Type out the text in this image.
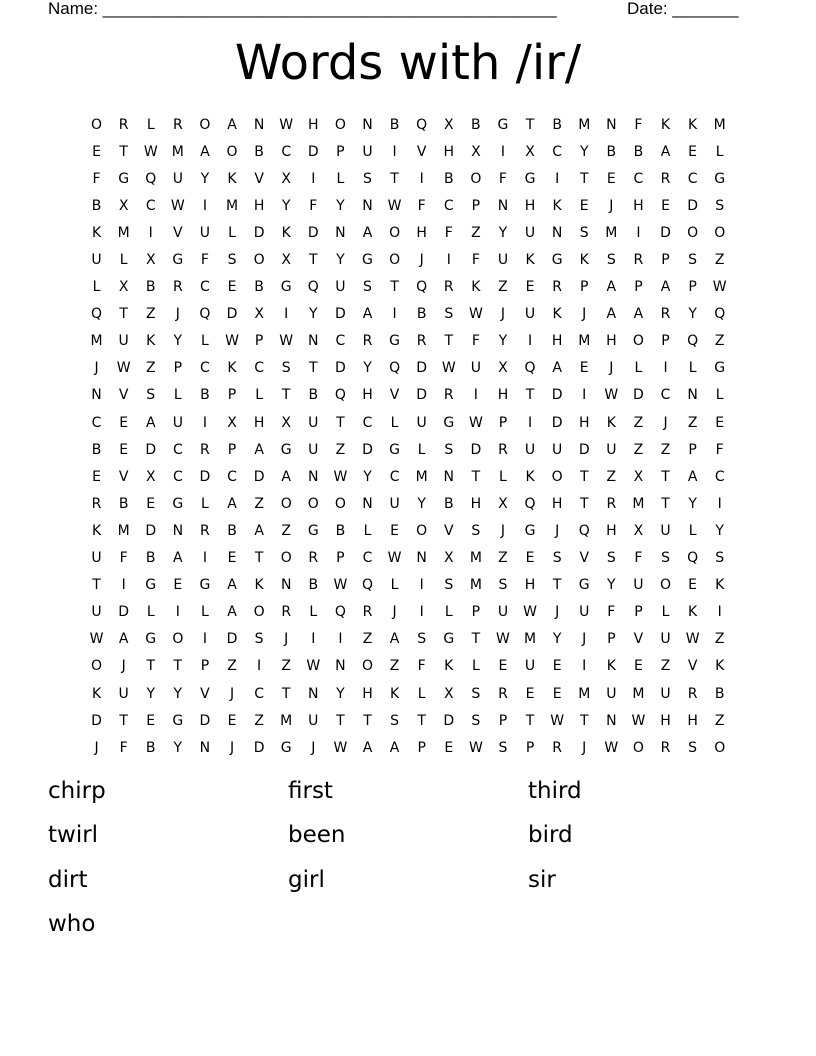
Name: ________________________________________________	Date: _______
Words with /ir/
O	R	L	R	O	A	N	W	H	O	N	B	Q	X	B	G	T	B	M	N	F	K	K	M
E	T	W	M	A	O	B	C	D	P	U	I	V	H	X	I	X	C	Y	B	B	A	E	L
F	G	Q	U	Y	K	V	X	I	L	S	T	I	B	O	F	G	I	T	E	C	R	C	G
B	X	C	W	I	M	H	Y	F	Y	N	W	F	C	P	N	H	K	E	J	H	E	D	S
K	M	I	V	U	L	D	K	D	N	A	O	H	F	Z	Y	U	N	S	M	I	D	O	O
U	L	X	G	F	S	O	X	T	Y	G	O	J	I	F	U	K	G	K	S	R	P	S	Z
L	X	B	R	C	E	B	G	Q	U	S	T	Q	R	K	Z	E	R	P	A	P	A	P	W
Q	T	Z	J	Q	D	X	I	Y	D	A	I	B	S	W	J	U	K	J	A	A	R	Y	Q
M	U	K	Y	L	W	P	W	N	C	R	G	R	T	F	Y	I	H	M	H	O	P	Q	Z
J	W	Z	P	C	K	C	S	T	D	Y	Q	D	W	U	X	Q	A	E	J	L	I	L	G
N	V	S	L	B	P	L	T	B	Q	H	V	D	R	I	H	T	D	I	W	D	C	N	L
C	E	A	U	I	X	H	X	U	T	C	L	U	G	W	P	I	D	H	K	Z	J	Z	E
B	E	D	C	R	P	A	G	U	Z	D	G	L	S	D	R	U	U	D	U	Z	Z	P	F
E	V	X	C	D	C	D	A	N	W	Y	C	M	N	T	L	K	O	T	Z	X	T	A	C
R	B	E	G	L	A	Z	O	O	O	N	U	Y	B	H	X	Q	H	T	R	M	T	Y	I
K	M	D	N	R	B	A	Z	G	B	L	E	O	V	S	J	G	J	Q	H	X	U	L	Y
U	F	B	A	I	E	T	O	R	P	C	W	N	X	M	Z	E	S	V	S	F	S	Q	S
T	I	G	E	G	A	K	N	B	W	Q	L	I	S	M	S	H	T	G	Y	U	O	E	K
U	D	L	I	L	A	O	R	L	Q	R	J	I	L	P	U	W	J	U	F	P	L	K	I
W	A	G	O	I	D	S	J	I	I	Z	A	S	G	T	W	M	Y	J	P	V	U	W	Z
O	J	T	T	P	Z	I	Z	W	N	O	Z	F	K	L	E	U	E	I	K	E	Z	V	K
K	U	Y	Y	V	J	C	T	N	Y	H	K	L	X	S	R	E	E	M	U	M	U	R	B
D	T	E	G	D	E	Z	M	U	T	T	S	T	D	S	P	T	W	T	N	W	H	H	Z
J	F	B	Y	N	J	D	G	J	W	A	A	P	E	W	S	P	R	J	W	O	R	S	O
chirp	first	third
twirl	been	bird
dirt	girl	sir
who
